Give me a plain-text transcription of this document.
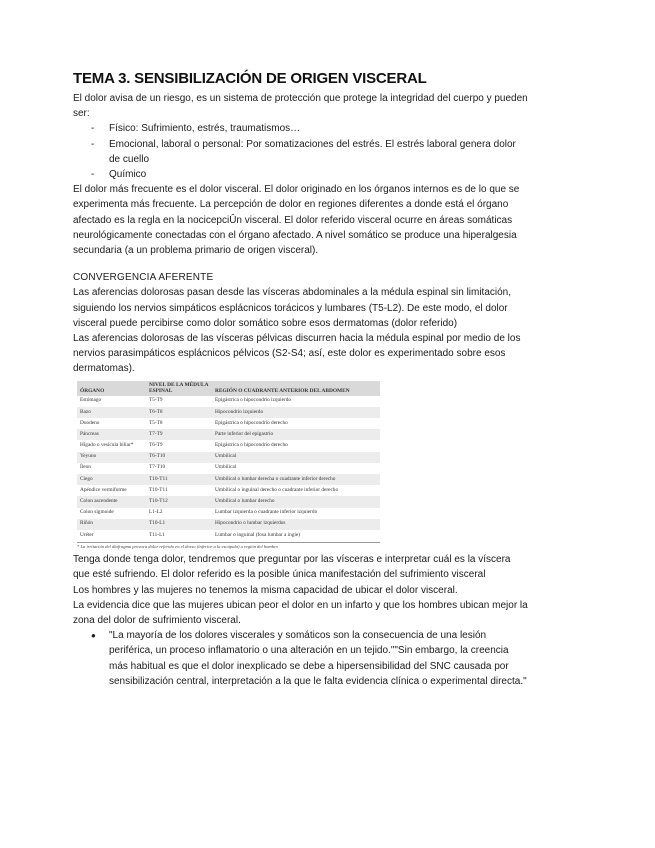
TEMA 3. SENSIBILIZACIÓN DE ORIGEN VISCERAL

El dolor avisa de un riesgo, es un sistema de protección que protege la integridad del cuerpo y pueden ser:

- Físico: Sufrimiento, estrés, traumatismos…
- Emocional, laboral o personal: Por somatizaciones del estrés. El estrés laboral genera dolor de cuello
- Químico

El dolor más frecuente es el dolor visceral. El dolor originado en los órganos internos es de lo que se experimenta más frecuente. La percepción de dolor en regiones diferentes a donde está el órgano afectado es la regla en la nocicepciÛn visceral. El dolor referido visceral ocurre en áreas somáticas neurológicamente conectadas con el órgano afectado. A nivel somático se produce una hiperalgesia secundaria (a un problema primario de origen visceral).

CONVERGENCIA AFERENTE

Las aferencias dolorosas pasan desde las vísceras abdominales a la médula espinal sin limitación, siguiendo los nervios simpáticos esplácnicos torácicos y lumbares (T5-L2). De este modo, el dolor visceral puede percibirse como dolor somático sobre esos dermatomas (dolor referido)

Las aferencias dolorosas de las vísceras pélvicas discurren hacia la médula espinal por medio de los nervios parasimpáticos esplácnicos pélvicos (S2-S4; así, este dolor es experimentado sobre esos dermatomas).

ÓRGANO	NIVEL DE LA MÉDULA ESPINAL	REGIÓN O CUADRANTE ANTERIOR DEL ABDOMEN
Estómago	T5-T9	Epigástrica o hipocondrio izquierdo
Bazo	T6-T8	Hipocondrio izquierdo
Duodeno	T5-T8	Epigástrica o hipocondrio derecho
Páncreas	T7-T9	Parte inferior del epigastrio
Hígado o vesícula biliar*	T6-T9	Epigástrica o hipocondrio derecho
Yeyuno	T6-T10	Umbilical
Íleon	T7-T10	Umbilical
Ciego	T10-T11	Umbilical o lumbar derecha o cuadrante inferior derecho
Apéndice vermiforme	T10-T11	Umbilical o inguinal derecho o cuadrante inferior derecho
Colon ascendente	T10-T12	Umbilical o lumbar derecho
Colon sigmoide	L1-L2	Lumbar izquierda o cuadrante inferior izquierdo
Riñón	T10-L1	Hipocondrio o lumbar izquierdos
Uréter	T11-L1	Lumbar o inguinal (fosa lumbar a ingle)
* La irritación del diafragma provoca dolor referido en el dorso (inferior a la escápula) o región del hombro

Tenga donde tenga dolor, tendremos que preguntar por las vísceras e interpretar cuál es la víscera que esté sufriendo. El dolor referido es la posible única manifestación del sufrimiento visceral

Los hombres y las mujeres no tenemos la misma capacidad de ubicar el dolor visceral.

La evidencia dice que las mujeres ubican peor el dolor en un infarto y que los hombres ubican mejor la zona del dolor de sufrimiento visceral.

● "La mayoría de los dolores viscerales y somáticos son la consecuencia de una lesión periférica, un proceso inflamatorio o una alteración en un tejido.""Sin embargo, la creencia más habitual es que el dolor inexplicado se debe a hipersensibilidad del SNC causada por sensibilización central, interpretación a la que le falta evidencia clínica o experimental directa."
